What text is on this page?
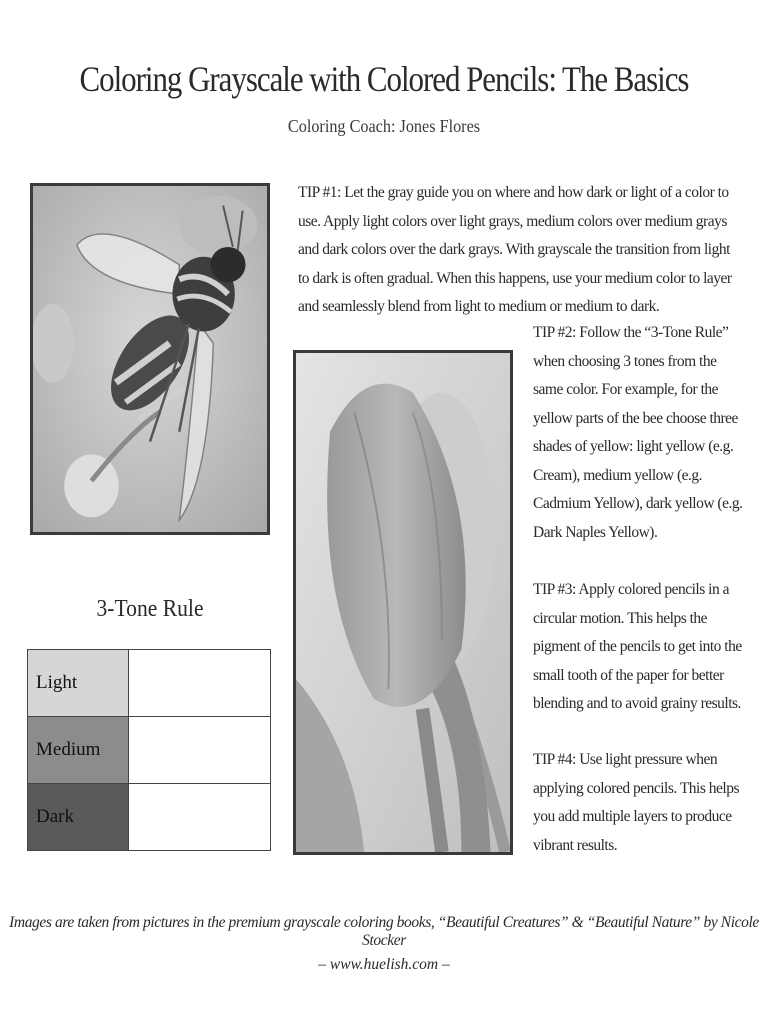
Coloring Grayscale with Colored Pencils: The Basics
Coloring Coach: Jones Flores
TIP #1: Let the gray guide you on where and how dark or light of a color to use. Apply light colors over light grays, medium colors over medium grays and dark colors over the dark grays. With grayscale the transition from light to dark is often gradual. When this happens, use your medium color to layer and seamlessly blend from light to medium or medium to dark.
TIP #2: Follow the “3-Tone Rule” when choosing 3 tones from the same color. For example, for the yellow parts of the bee choose three shades of yellow: light yellow (e.g. Cream), medium yellow (e.g. Cadmium Yellow), dark yellow (e.g. Dark Naples Yellow).
TIP #3: Apply colored pencils in a circular motion. This helps the pigment of the pencils to get into the small tooth of the paper for better blending and to avoid grainy results.
TIP #4: Use light pressure when applying colored pencils. This helps you add multiple layers to produce vibrant results.
3-Tone Rule
Light	
Medium	
Dark	
Images are taken from pictures in the premium grayscale coloring books, “Beautiful Creatures” & “Beautiful Nature” by Nicole Stocker
– www.huelish.com –
